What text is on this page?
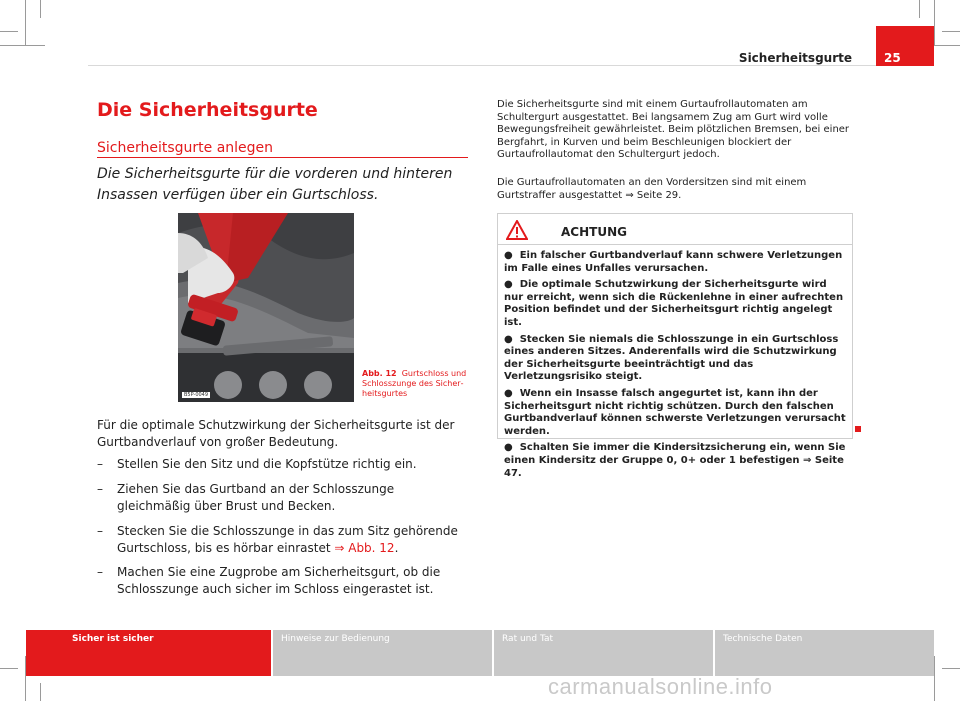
Sicherheitsgurte	25
Die Sicherheitsgurte
Sicherheitsgurte anlegen
Die Sicherheitsgurte für die vorderen und hinteren Insassen verfügen über ein Gurtschloss.
B5P-0049
Abb. 12 Gurtschloss und Schlosszunge des Sicherheitsgurtes
Für die optimale Schutzwirkung der Sicherheitsgurte ist der Gurtbandverlauf von großer Bedeutung.
– Stellen Sie den Sitz und die Kopfstütze richtig ein.
– Ziehen Sie das Gurtband an der Schlosszunge gleichmäßig über Brust und Becken.
– Stecken Sie die Schlosszunge in das zum Sitz gehörende Gurtschloss, bis es hörbar einrastet ⇒ Abb. 12.
– Machen Sie eine Zugprobe am Sicherheitsgurt, ob die Schlosszunge auch sicher im Schloss eingerastet ist.
Die Sicherheitsgurte sind mit einem Gurtaufrollautomaten am Schultergurt ausgestattet. Bei langsamem Zug am Gurt wird volle Bewegungsfreiheit gewährleistet. Beim plötzlichen Bremsen, bei einer Bergfahrt, in Kurven und beim Beschleunigen blockiert der Gurtaufrollautomat den Schultergurt jedoch.
Die Gurtaufrollautomaten an den Vordersitzen sind mit einem Gurtstraffer ausgestattet ⇒ Seite 29.
ACHTUNG
● Ein falscher Gurtbandverlauf kann schwere Verletzungen im Falle eines Unfalles verursachen.
● Die optimale Schutzwirkung der Sicherheitsgurte wird nur erreicht, wenn sich die Rückenlehne in einer aufrechten Position befindet und der Sicherheitsgurt richtig angelegt ist.
● Stecken Sie niemals die Schlosszunge in ein Gurtschloss eines anderen Sitzes. Anderenfalls wird die Schutzwirkung der Sicherheitsgurte beeinträchtigt und das Verletzungsrisiko steigt.
● Wenn ein Insasse falsch angegurtet ist, kann ihn der Sicherheitsgurt nicht richtig schützen. Durch den falschen Gurtbandverlauf können schwerste Verletzungen verursacht werden.
● Schalten Sie immer die Kindersitzsicherung ein, wenn Sie einen Kindersitz der Gruppe 0, 0+ oder 1 befestigen ⇒ Seite 47.
Sicher ist sicher	Hinweise zur Bedienung	Rat und Tat	Technische Daten
carmanualsonline.info
